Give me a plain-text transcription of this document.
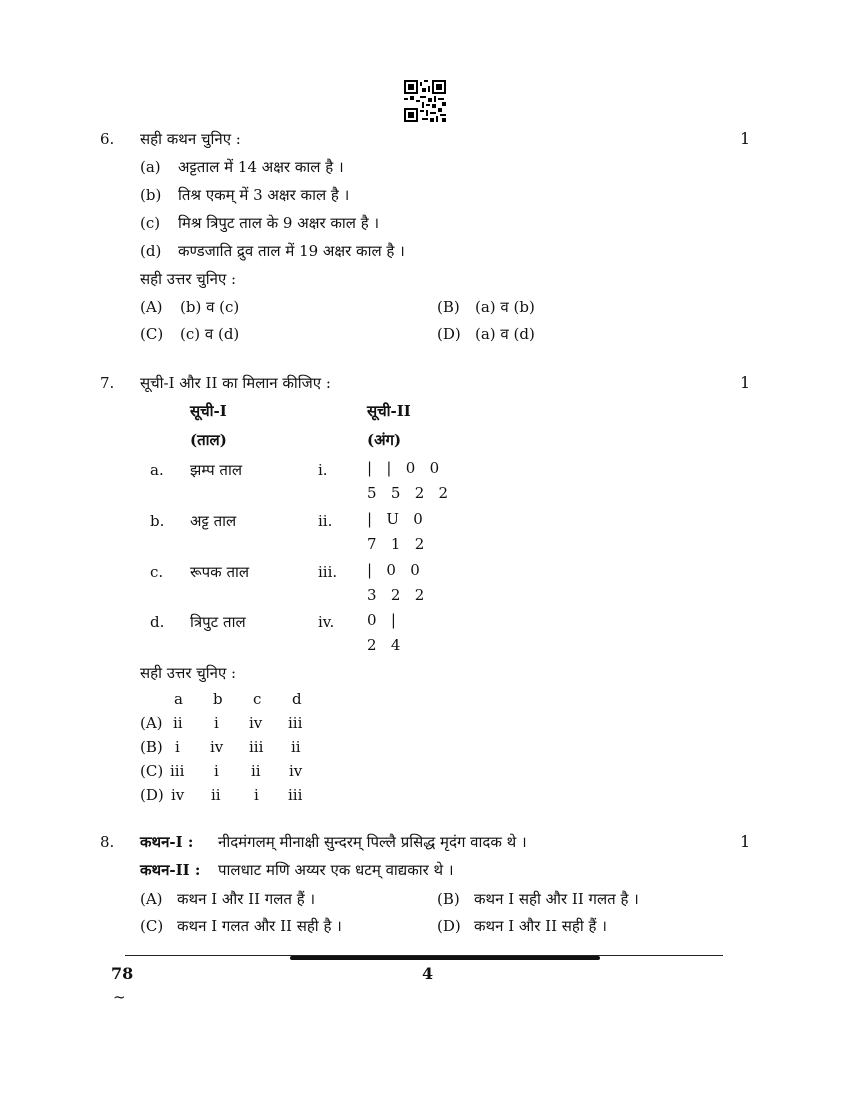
6. सही कथन चुनिए :	1
(a) अट्टताल में 14 अक्षर काल है ।
(b) तिश्र एकम् में 3 अक्षर काल है ।
(c) मिश्र त्रिपुट ताल के 9 अक्षर काल है ।
(d) कण्डजाति द्रुव ताल में 19 अक्षर काल है ।
सही उत्तर चुनिए :
(A) (b) व (c)	(B) (a) व (b)
(C) (c) व (d)	(D) (a) व (d)
7. सूची-I और II का मिलान कीजिए :	1
सूची-I
(ताल)
सूची-II
(अंग)
a. झम्प ताल	i.	|   |   0   0
5   5   2   2
b. अट्ट ताल	ii. |   U   0
7   1   2
c. रूपक ताल	iii. |   0   0
3   2   2
d. त्रिपुट ताल	iv. 0   |
2   4
सही उत्तर चुनिए :
a b c d
(A) ii i iv iii
(B) i iv iii ii
(C) iii i ii iv
(D) iv ii i iii
8. कथन-I : नीदमंगलम् मीनाक्षी सुन्दरम् पिल्लै प्रसिद्ध मृदंग वादक थे ।	1
कथन-II : पालधाट मणि अय्यर एक धटम् वाद्यकार थे ।
(A) कथन I और II गलत हैं ।	(B) कथन I सही और II गलत है ।
(C) कथन I गलत और II सही है ।	(D) कथन I और II सही हैं ।
78	4
~
